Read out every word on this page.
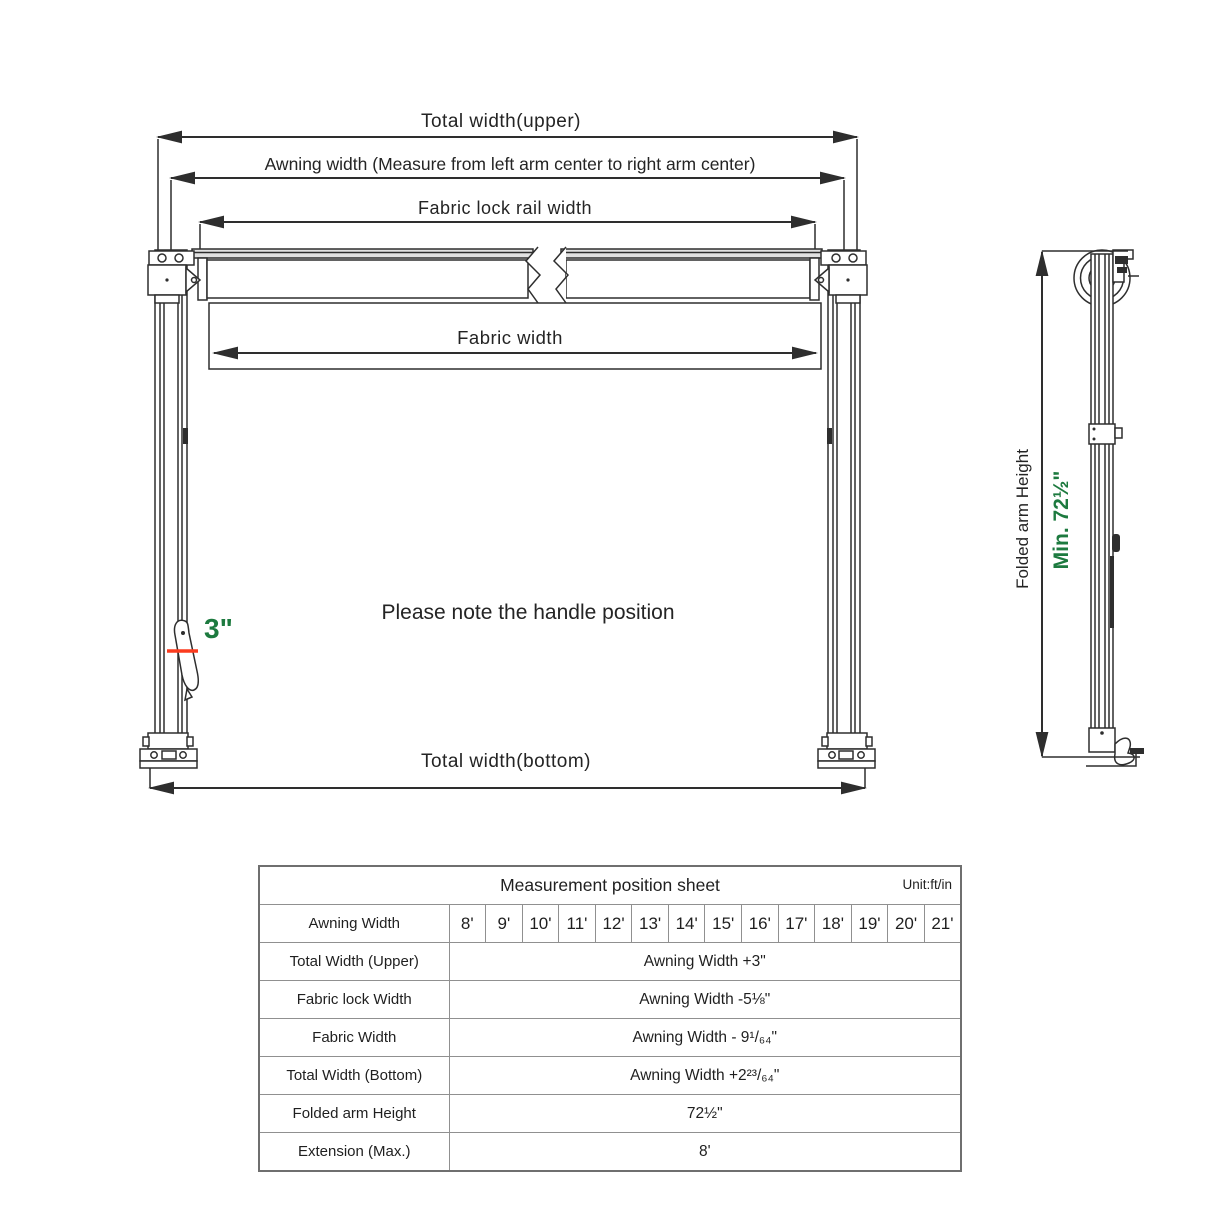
Total width(upper)
Awning width (Measure from left arm center to right arm center)
Fabric lock rail width
Fabric width
3"
Please note the handle position
Total width(bottom)
Folded arm Height Min. 72½"
Measurement position sheet Unit:ft/in														

Awning Width	8'	9'	10'	11'	12'	13'	14'	15'	16'	17'	18'	19'	20'	21'
Total Width (Upper)	Awning Width +3"													
Fabric lock Width	Awning Width -5⅛"													
Fabric Width	Awning Width - 9¹/₆₄"													
Total Width (Bottom)	Awning Width +2²³/₆₄"													
Folded arm Height	72½"													
Extension (Max.)	8'													
